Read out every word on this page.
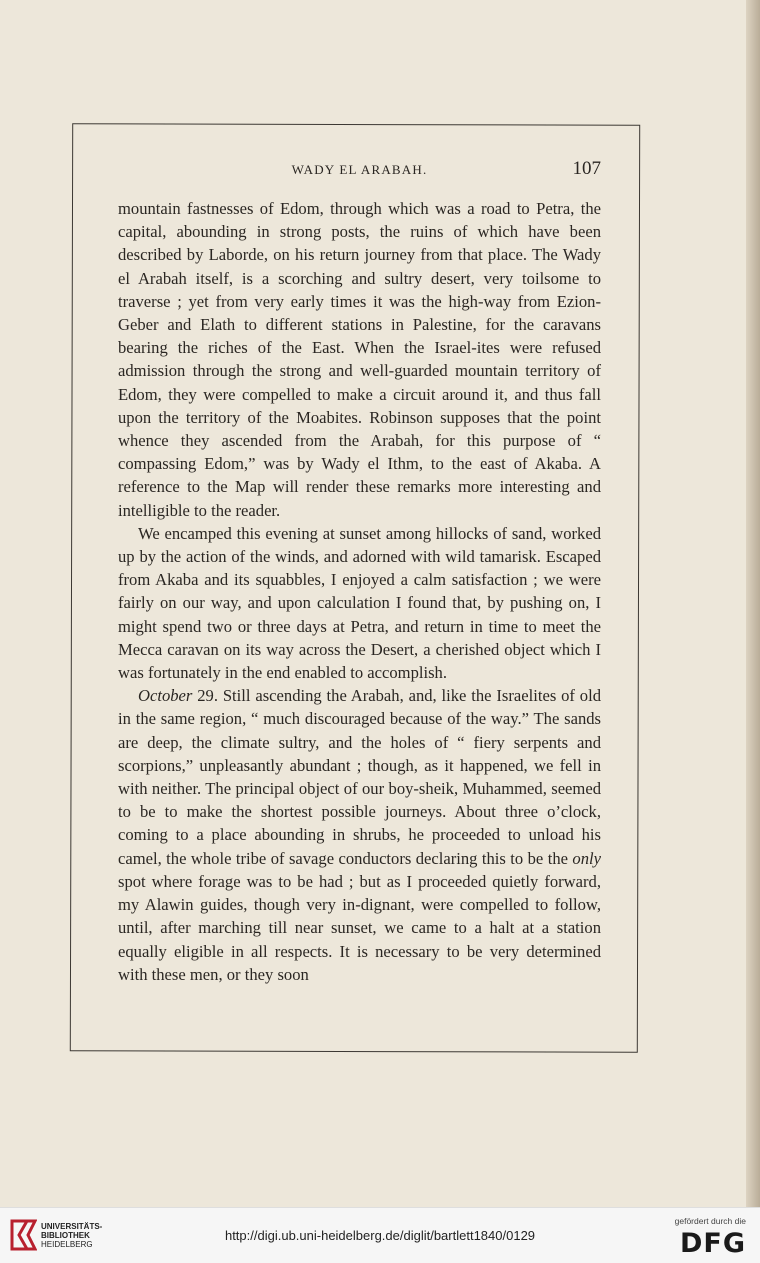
WADY EL ARABAH.	107

mountain fastnesses of Edom, through which was a road to Petra, the capital, abounding in strong posts, the ruins of which have been described by Laborde, on his return journey from that place. The Wady el Arabah itself, is a scorching and sultry desert, very toilsome to traverse ; yet from very early times it was the high-way from Ezion-Geber and Elath to different stations in Palestine, for the caravans bearing the riches of the East. When the Israel-ites were refused admission through the strong and well-guarded mountain territory of Edom, they were compelled to make a circuit around it, and thus fall upon the territory of the Moabites. Robinson supposes that the point whence they ascended from the Arabah, for this purpose of “ compassing Edom,” was by Wady el Ithm, to the east of Akaba. A reference to the Map will render these remarks more interesting and intelligible to the reader.

We encamped this evening at sunset among hillocks of sand, worked up by the action of the winds, and adorned with wild tamarisk. Escaped from Akaba and its squabbles, I enjoyed a calm satisfaction ; we were fairly on our way, and upon calculation I found that, by pushing on, I might spend two or three days at Petra, and return in time to meet the Mecca caravan on its way across the Desert, a cherished object which I was fortunately in the end enabled to accomplish.

October 29. Still ascending the Arabah, and, like the Israelites of old in the same region, “ much discouraged because of the way.” The sands are deep, the climate sultry, and the holes of “ fiery serpents and scorpions,” unpleasantly abundant ; though, as it happened, we fell in with neither. The principal object of our boy-sheik, Muhammed, seemed to be to make the shortest possible journeys. About three o’clock, coming to a place abounding in shrubs, he proceeded to unload his camel, the whole tribe of savage conductors declaring this to be the only spot where forage was to be had ; but as I proceeded quietly forward, my Alawin guides, though very in-dignant, were compelled to follow, until, after marching till near sunset, we came to a halt at a station equally eligible in all respects. It is necessary to be very determined with these men, or they soon

UNIVERSITÄTS-
BIBLIOTHEK
HEIDELBERG
http://digi.ub.uni-heidelberg.de/diglit/bartlett1840/0129
gefördert durch die
DFG
